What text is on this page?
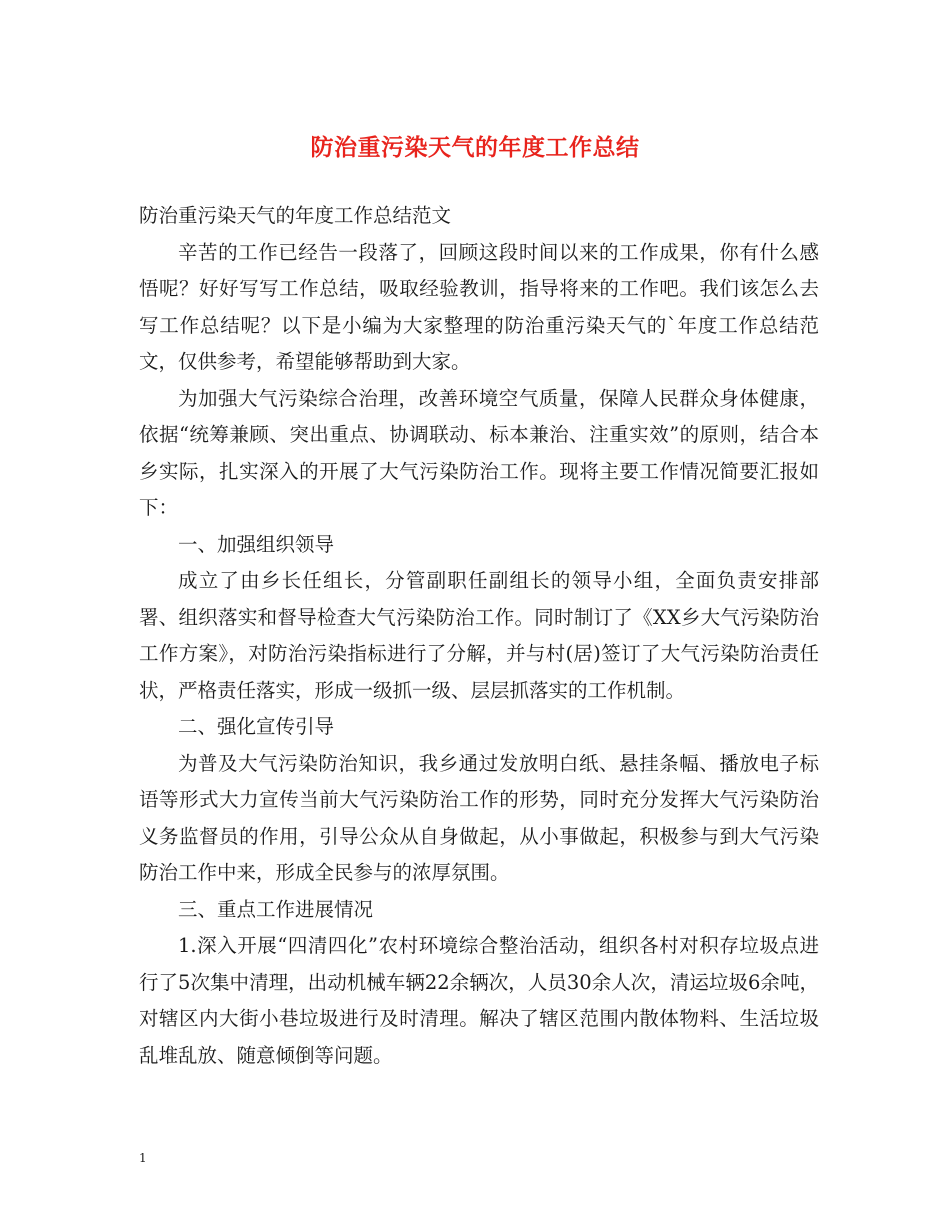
防治重污染天气的年度工作总结

防治重污染天气的年度工作总结范文

辛苦的工作已经告一段落了，回顾这段时间以来的工作成果，你有什么感悟呢？好好写写工作总结，吸取经验教训，指导将来的工作吧。我们该怎么去写工作总结呢？以下是小编为大家整理的防治重污染天气的`年度工作总结范文，仅供参考，希望能够帮助到大家。

为加强大气污染综合治理，改善环境空气质量，保障人民群众身体健康，依据“统筹兼顾、突出重点、协调联动、标本兼治、注重实效”的原则，结合本乡实际，扎实深入的开展了大气污染防治工作。现将主要工作情况简要汇报如下：

一、加强组织领导

成立了由乡长任组长，分管副职任副组长的领导小组，全面负责安排部署、组织落实和督导检查大气污染防治工作。同时制订了《XX乡大气污染防治工作方案》，对防治污染指标进行了分解，并与村(居)签订了大气污染防治责任状，严格责任落实，形成一级抓一级、层层抓落实的工作机制。

二、强化宣传引导

为普及大气污染防治知识，我乡通过发放明白纸、悬挂条幅、播放电子标语等形式大力宣传当前大气污染防治工作的形势，同时充分发挥大气污染防治义务监督员的作用，引导公众从自身做起，从小事做起，积极参与到大气污染防治工作中来，形成全民参与的浓厚氛围。

三、重点工作进展情况

1.深入开展“四清四化”农村环境综合整治活动，组织各村对积存垃圾点进行了5次集中清理，出动机械车辆22余辆次，人员30余人次，清运垃圾6余吨，对辖区内大街小巷垃圾进行及时清理。解决了辖区范围内散体物料、生活垃圾乱堆乱放、随意倾倒等问题。

1
